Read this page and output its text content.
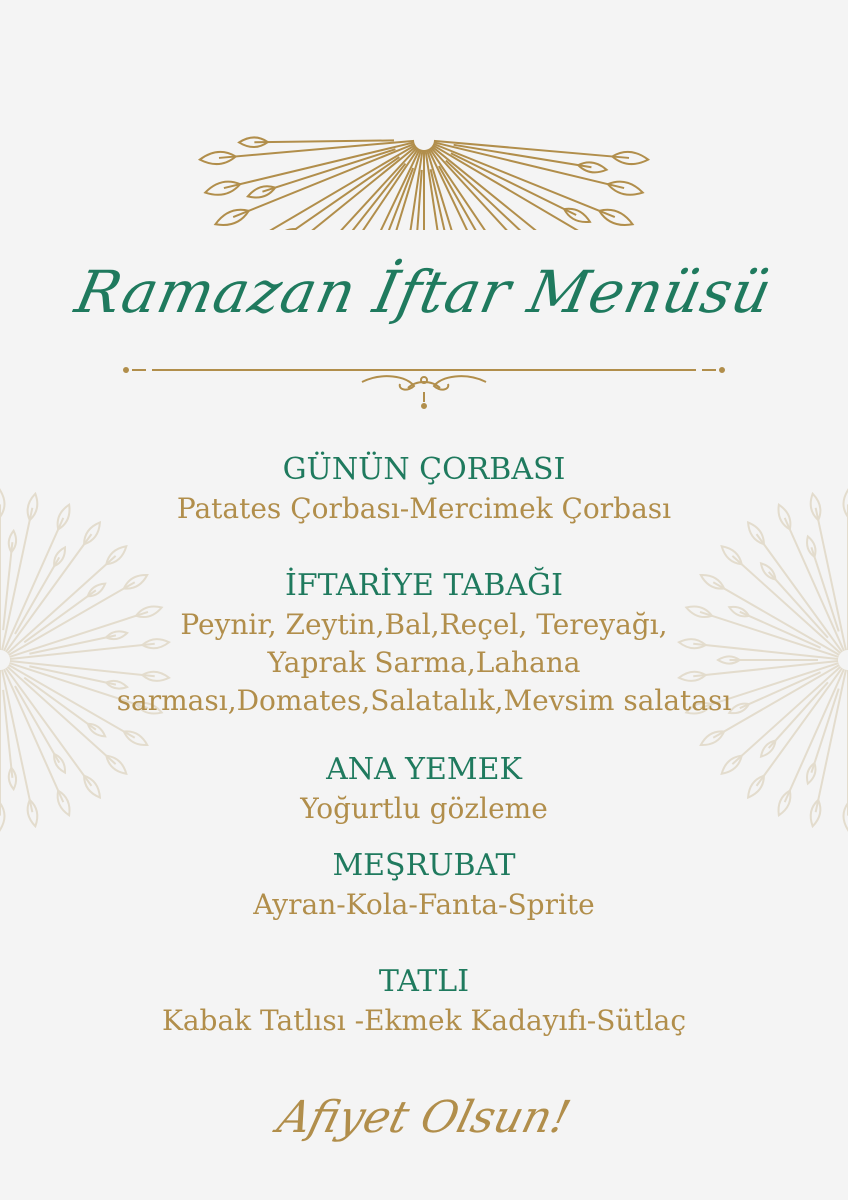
Ramazan İftar Menüsü
GÜNÜN ÇORBASI
Patates Çorbası-Mercimek Çorbası
İFTARİYE TABAĞI
Peynir, Zeytin,Bal,Reçel, Tereyağı,
Yaprak Sarma,Lahana
sarması,Domates,Salatalık,Mevsim salatası
ANA YEMEK
Yoğurtlu gözleme
MEŞRUBAT
Ayran-Kola-Fanta-Sprite
TATLI
Kabak Tatlısı -Ekmek Kadayıfı-Sütlaç
Afiyet Olsun!
